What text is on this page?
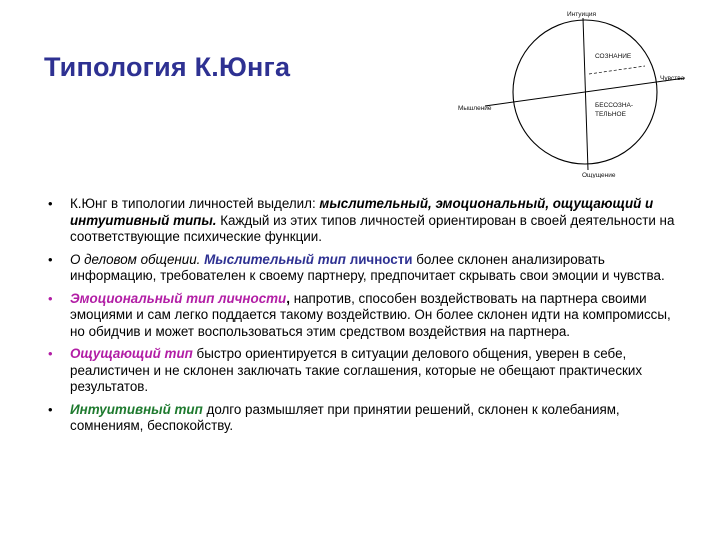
Типология К.Юнга
Интуиция
Чувства
Мышление
Ощущение
СОЗНАНИЕ
БЕССОЗНА-
ТЕЛЬНОЕ
• К.Юнг в типологии личностей выделил: мыслительный, эмоциональный, ощущающий и интуитивный типы. Каждый из этих типов личностей ориентирован в своей деятельности на соответствующие психические функции.
• О деловом общении. Мыслительный тип личности более склонен анализировать информацию, требователен к своему партнеру, предпочитает скрывать свои эмоции и чувства.
• Эмоциональный тип личности, напротив, способен воздействовать на партнера своими эмоциями и сам легко поддается такому воздействию. Он более склонен идти на компромиссы, но обидчив и может воспользоваться этим средством воздействия на партнера.
• Ощущающий тип быстро ориентируется в ситуации делового общения, уверен в себе, реалистичен и не склонен заключать такие соглашения, которые не обещают практических результатов.
• Интуитивный тип долго размышляет при принятии решений, склонен к колебаниям, сомнениям, беспокойству.
